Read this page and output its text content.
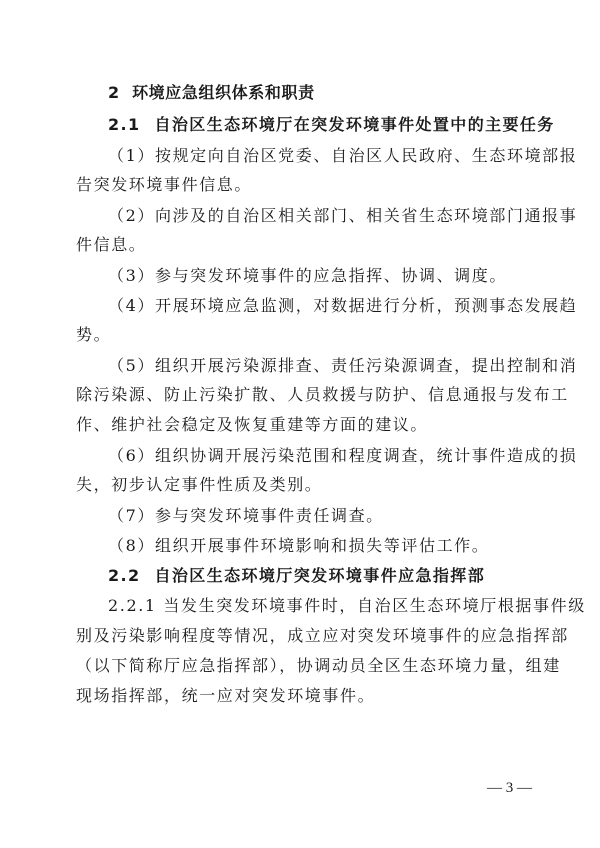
2 环境应急组织体系和职责
2.1 自治区生态环境厅在突发环境事件处置中的主要任务
（1）按规定向自治区党委、自治区人民政府、生态环境部报
告突发环境事件信息。
（2）向涉及的自治区相关部门、相关省生态环境部门通报事
件信息。
（3）参与突发环境事件的应急指挥、协调、调度。
（4）开展环境应急监测，对数据进行分析，预测事态发展趋
势。
（5）组织开展污染源排查、责任污染源调查，提出控制和消
除污染源、防止污染扩散、人员救援与防护、信息通报与发布工
作、维护社会稳定及恢复重建等方面的建议。
（6）组织协调开展污染范围和程度调查，统计事件造成的损
失，初步认定事件性质及类别。
（7）参与突发环境事件责任调查。
（8）组织开展事件环境影响和损失等评估工作。
2.2 自治区生态环境厅突发环境事件应急指挥部
2.2.1 当发生突发环境事件时，自治区生态环境厅根据事件级
别及污染影响程度等情况，成立应对突发环境事件的应急指挥部
（以下简称厅应急指挥部），协调动员全区生态环境力量，组建
现场指挥部，统一应对突发环境事件。
— 3 —
